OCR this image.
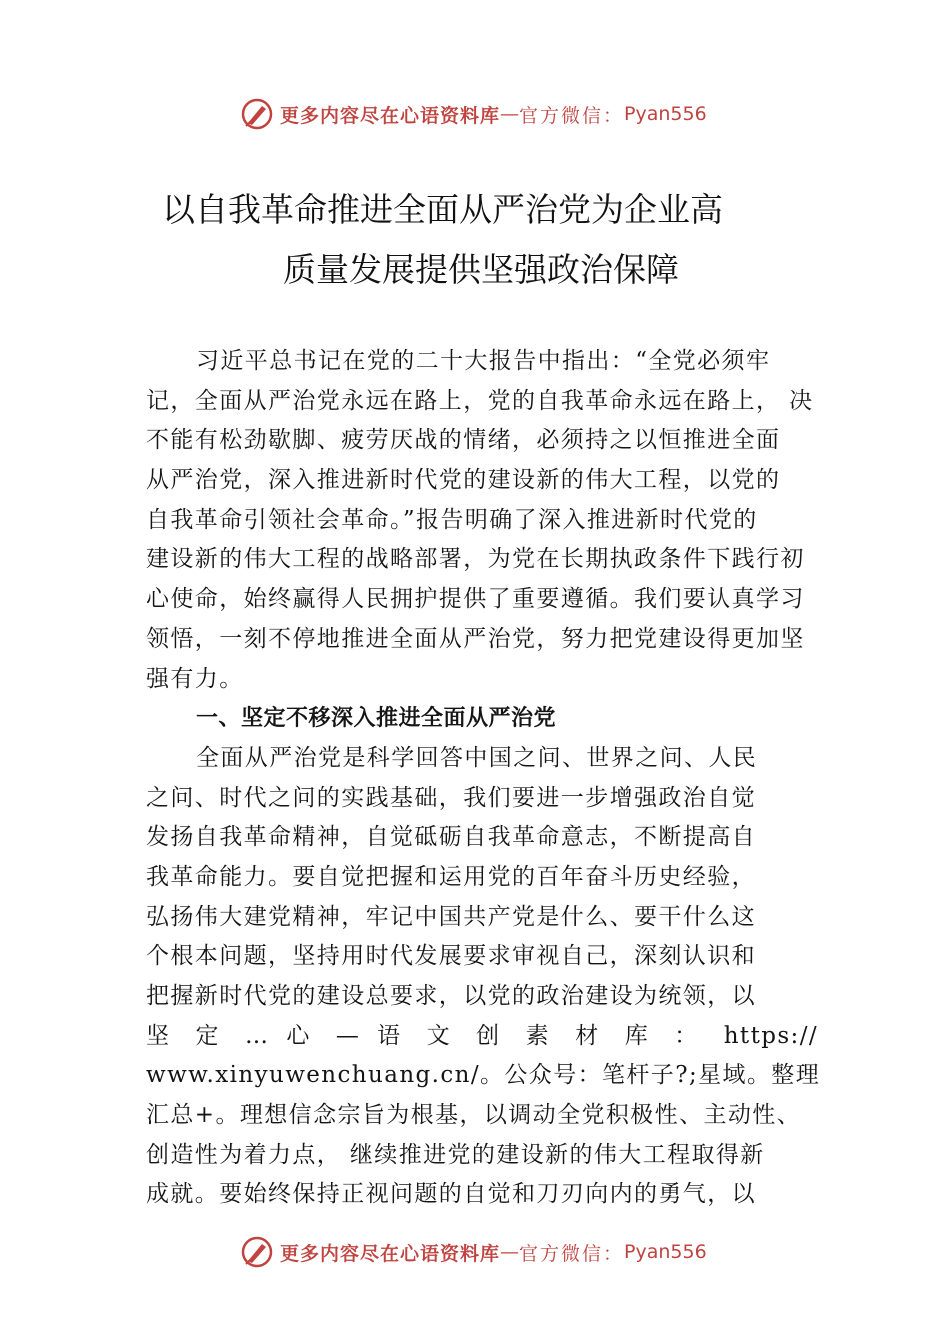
更多内容尽在心语资料库 — 官方微信： Pyan556
以自我革命推进全面从严治党为企业高
质量发展提供坚强政治保障
习近平总书记在党的二十大报告中指出：“全党必须牢
记，全面从严治党永远在路上，党的自我革命永远在路上， 决
不能有松劲歇脚、疲劳厌战的情绪，必须持之以恒推进全面
从严治党，深入推进新时代党的建设新的伟大工程，以党的
自我革命引领社会革命。”报告明确了深入推进新时代党的
建设新的伟大工程的战略部署，为党在长期执政条件下践行初
心使命，始终赢得人民拥护提供了重要遵循。我们要认真学习
领悟，一刻不停地推进全面从严治党，努力把党建设得更加坚
强有力。
一、坚定不移深入推进全面从严治党
全面从严治党是科学回答中国之问、世界之问、人民
之问、时代之问的实践基础，我们要进一步增强政治自觉
发扬自我革命精神，自觉砥砺自我革命意志，不断提高自
我革命能力。要自觉把握和运用党的百年奋斗历史经验，
弘扬伟大建党精神，牢记中国共产党是什么、要干什么这
个根本问题，坚持用时代发展要求审视自己，深刻认识和
把握新时代党的建设总要求，以党的政治建设为统领，以
坚 定 … 心 — 语 文 创 素 材 库 ： https://
www.xinyuwenchuang.cn/。公众号：笔杆子?;星域。整理
汇总+。理想信念宗旨为根基，以调动全党积极性、主动性、
创造性为着力点， 继续推进党的建设新的伟大工程取得新
成就。要始终保持正视问题的自觉和刀刃向内的勇气，以
更多内容尽在心语资料库 — 官方微信： Pyan556
